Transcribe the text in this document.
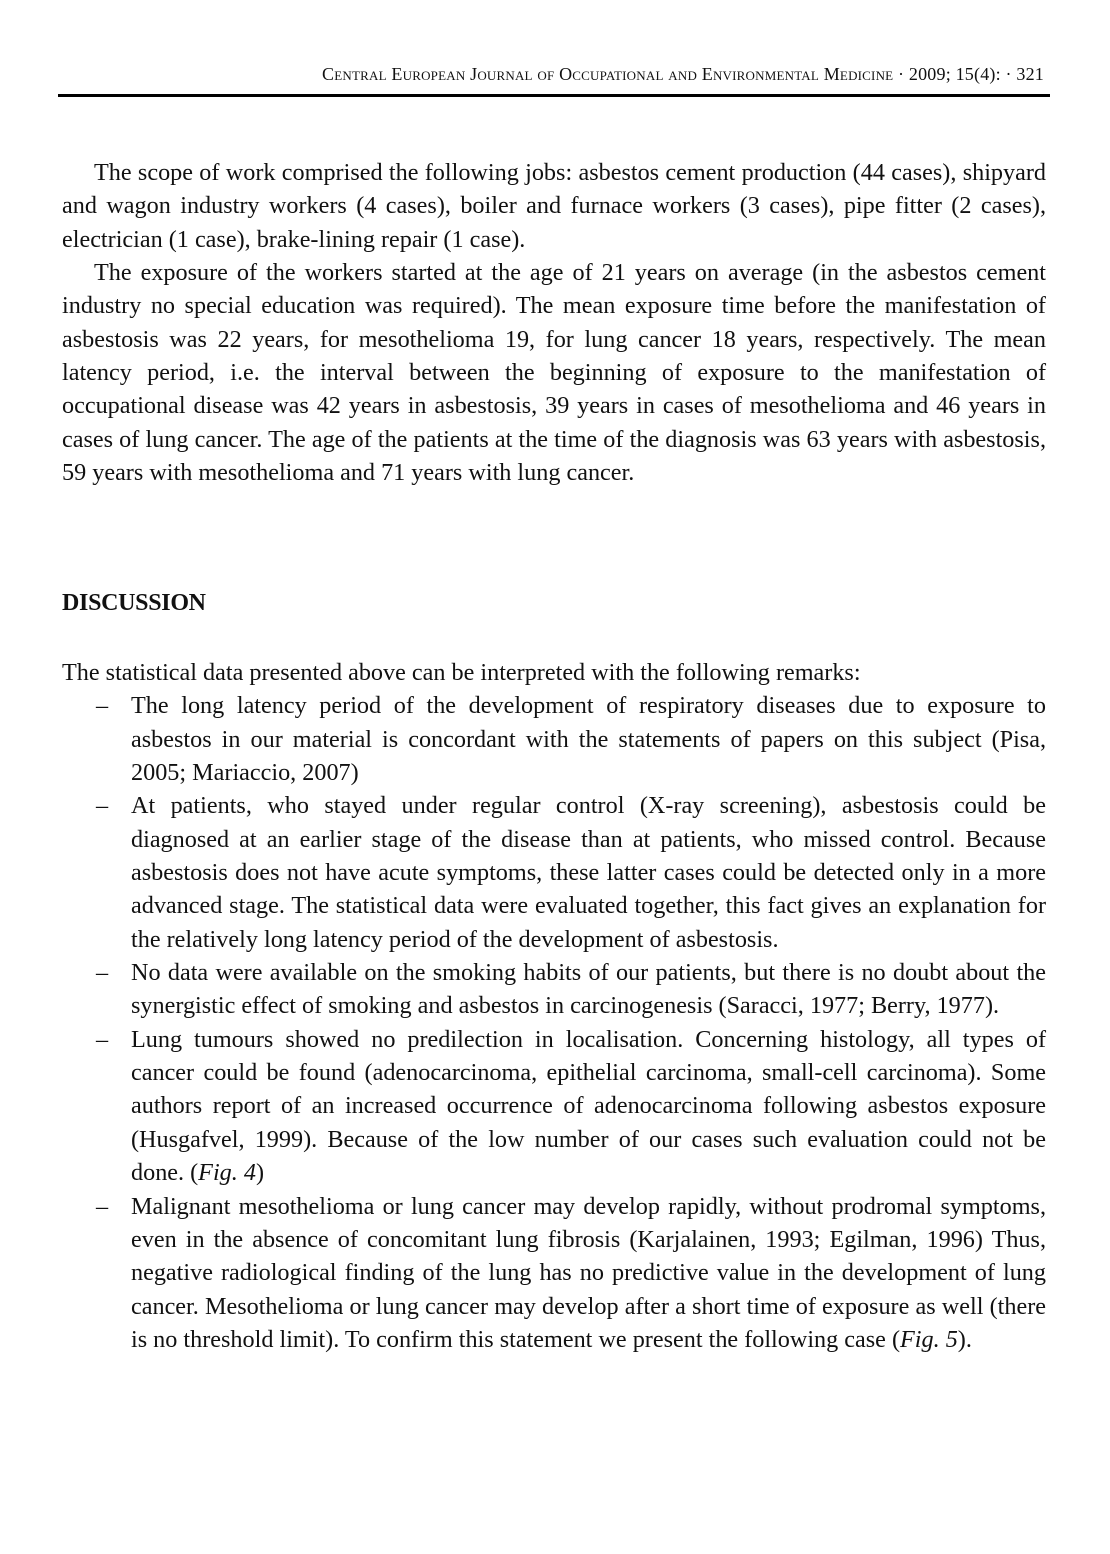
Central European Journal of Occupational and Environmental Medicine · 2009; 15(4): · 321

The scope of work comprised the following jobs: asbestos cement production (44 cases), shipyard and wagon industry workers (4 cases), boiler and furnace workers (3 cases), pipe fitter (2 cases), electrician (1 case), brake-lining repair (1 case).

The exposure of the workers started at the age of 21 years on average (in the asbestos cement industry no special education was required). The mean exposure time before the manifestation of asbestosis was 22 years, for mesothelioma 19, for lung cancer 18 years, respectively. The mean latency period, i.e. the interval between the beginning of exposure to the manifestation of occupational disease was 42 years in asbestosis, 39 years in cases of mesothelioma and 46 years in cases of lung cancer. The age of the patients at the time of the diagnosis was 63 years with asbestosis, 59 years with mesothelioma and 71 years with lung cancer.

DISCUSSION

The statistical data presented above can be interpreted with the following remarks:

– The long latency period of the development of respiratory diseases due to exposure to asbestos in our material is concordant with the statements of papers on this subject (Pisa, 2005; Mariaccio, 2007)
– At patients, who stayed under regular control (X-ray screening), asbestosis could be diagnosed at an earlier stage of the disease than at patients, who missed control. Because asbestosis does not have acute symptoms, these latter cases could be detected only in a more advanced stage. The statistical data were evaluated together, this fact gives an explanation for the relatively long latency period of the development of asbestosis.
– No data were available on the smoking habits of our patients, but there is no doubt about the synergistic effect of smoking and asbestos in carcinogenesis (Saracci, 1977; Berry, 1977).
– Lung tumours showed no predilection in localisation. Concerning histology, all types of cancer could be found (adenocarcinoma, epithelial carcinoma, small-cell carcinoma). Some authors report of an increased occurrence of adenocarcinoma following asbestos exposure (Husgafvel, 1999). Because of the low number of our cases such evaluation could not be done. (Fig. 4)
– Malignant mesothelioma or lung cancer may develop rapidly, without prodromal symptoms, even in the absence of concomitant lung fibrosis (Karjalainen, 1993; Egilman, 1996) Thus, negative radiological finding of the lung has no predictive value in the development of lung cancer. Mesothelioma or lung cancer may develop after a short time of exposure as well (there is no threshold limit). To confirm this statement we present the following case (Fig. 5).
